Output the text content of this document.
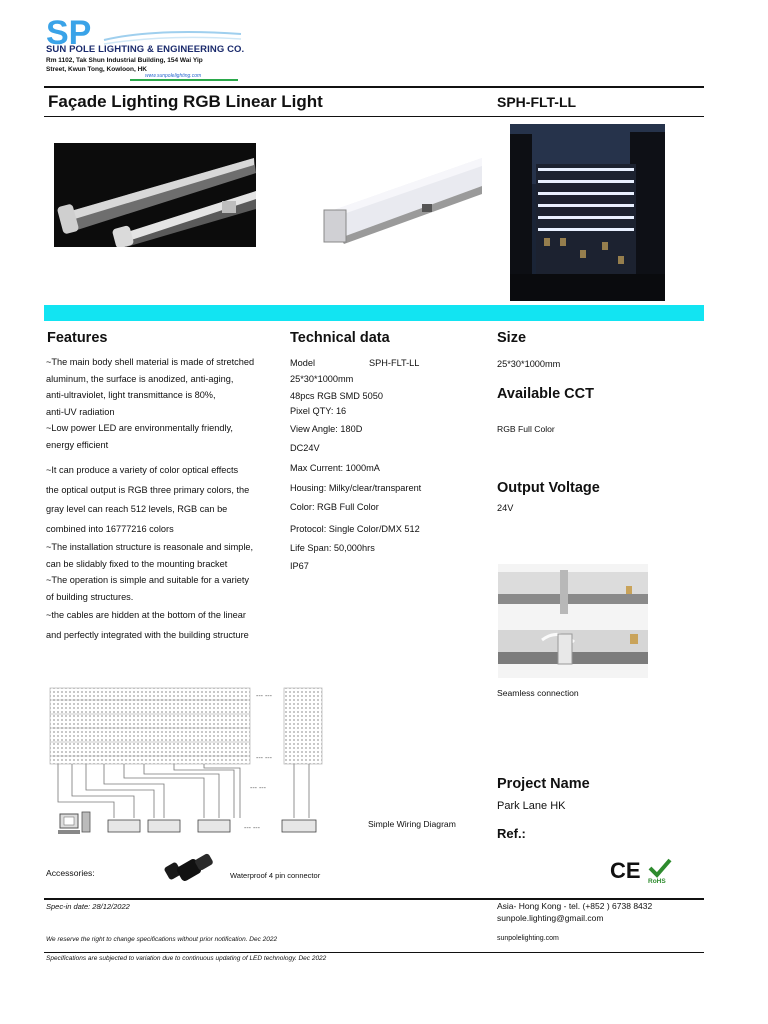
SP
SUN POLE LIGHTING & ENGINEERING CO.
Rm 1102, Tak Shun Industrial Building, 154 Wai Yip
Street, Kwun Tong, Kowloon, HK
www.sunpolelighting.com
Façade Lighting RGB Linear Light	SPH-FLT-LL
Features
~The main body shell material is made of stretched
aluminum, the surface is anodized, anti-aging,
anti-ultraviolet, light transmittance is 80%,
anti-UV radiation
~Low power LED are environmentally friendly,
energy efficient
~It can produce a variety of color optical effects
the optical output is RGB three primary colors, the
gray level can reach 512 levels, RGB can be
combined into 16777216 colors
~The installation structure is reasonale and simple,
can be slidably fixed to the mounting bracket
~The operation is simple and suitable for a variety
of building structures.
~the cables are hidden at the bottom of the linear
and perfectly integrated with the building structure
Technical data
Model	SPH-FLT-LL
25*30*1000mm
48pcs RGB SMD 5050
Pixel QTY: 16
View Angle: 180D
DC24V
Max Current: 1000mA
Housing: Milky/clear/transparent
Color: RGB Full Color
Protocol: Single Color/DMX 512
Life Span: 50,000hrs
IP67
Size
25*30*1000mm
Available CCT
RGB Full Color
Output Voltage
24V
Seamless connection
--- ---
--- ---
--- ---
--- ---	Simple Wiring Diagram
Project Name
Park Lane HK
Ref.:
Accessories:	Waterproof 4 pin connector	CE RoHS
Spec-in date: 28/12/2022	Asia- Hong Kong - tel. (+852 ) 6738 8432
sunpole.lighting@gmail.com
We reserve the right to change specifications without prior notification. Dec 2022	sunpolelighting.com
Specifications are subjected to variation due to continuous updating of LED technology. Dec 2022
